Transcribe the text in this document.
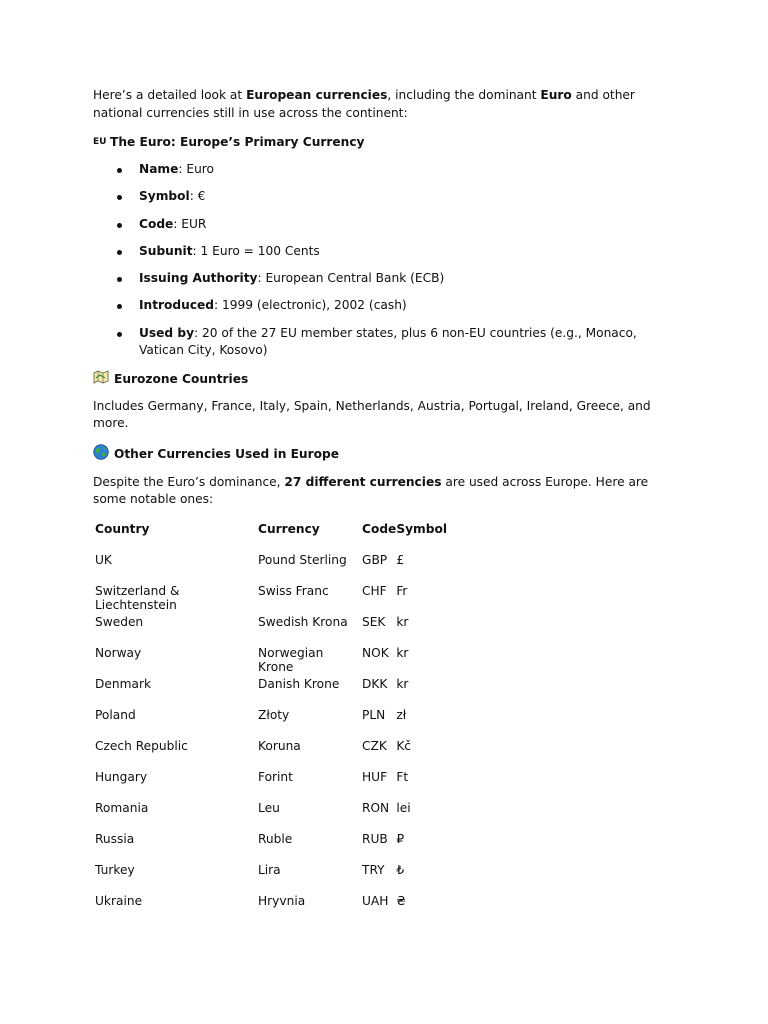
Here’s a detailed look at European currencies, including the dominant Euro and other national currencies still in use across the continent:

EU The Euro: Europe’s Primary Currency
Name: Euro
Symbol: €
Code: EUR
Subunit: 1 Euro = 100 Cents
Issuing Authority: European Central Bank (ECB)
Introduced: 1999 (electronic), 2002 (cash)
Used by: 20 of the 27 EU member states, plus 6 non-EU countries (e.g., Monaco, Vatican City, Kosovo)
Eurozone Countries

Includes Germany, France, Italy, Spain, Netherlands, Austria, Portugal, Ireland, Greece, and more.

Other Currencies Used in Europe

Despite the Euro’s dominance, 27 different currencies are used across Europe. Here are some notable ones:

Country	Currency	Code	Symbol
UK	Pound Sterling	GBP	£
Switzerland & Liechtenstein	Swiss Franc	CHF	Fr
Sweden	Swedish Krona	SEK	kr
Norway	Norwegian Krone	NOK	kr
Denmark	Danish Krone	DKK	kr
Poland	Złoty	PLN	zł
Czech Republic	Koruna	CZK	Kč
Hungary	Forint	HUF	Ft
Romania	Leu	RON	lei
Russia	Ruble	RUB	₽
Turkey	Lira	TRY	₺
Ukraine	Hryvnia	UAH	₴
